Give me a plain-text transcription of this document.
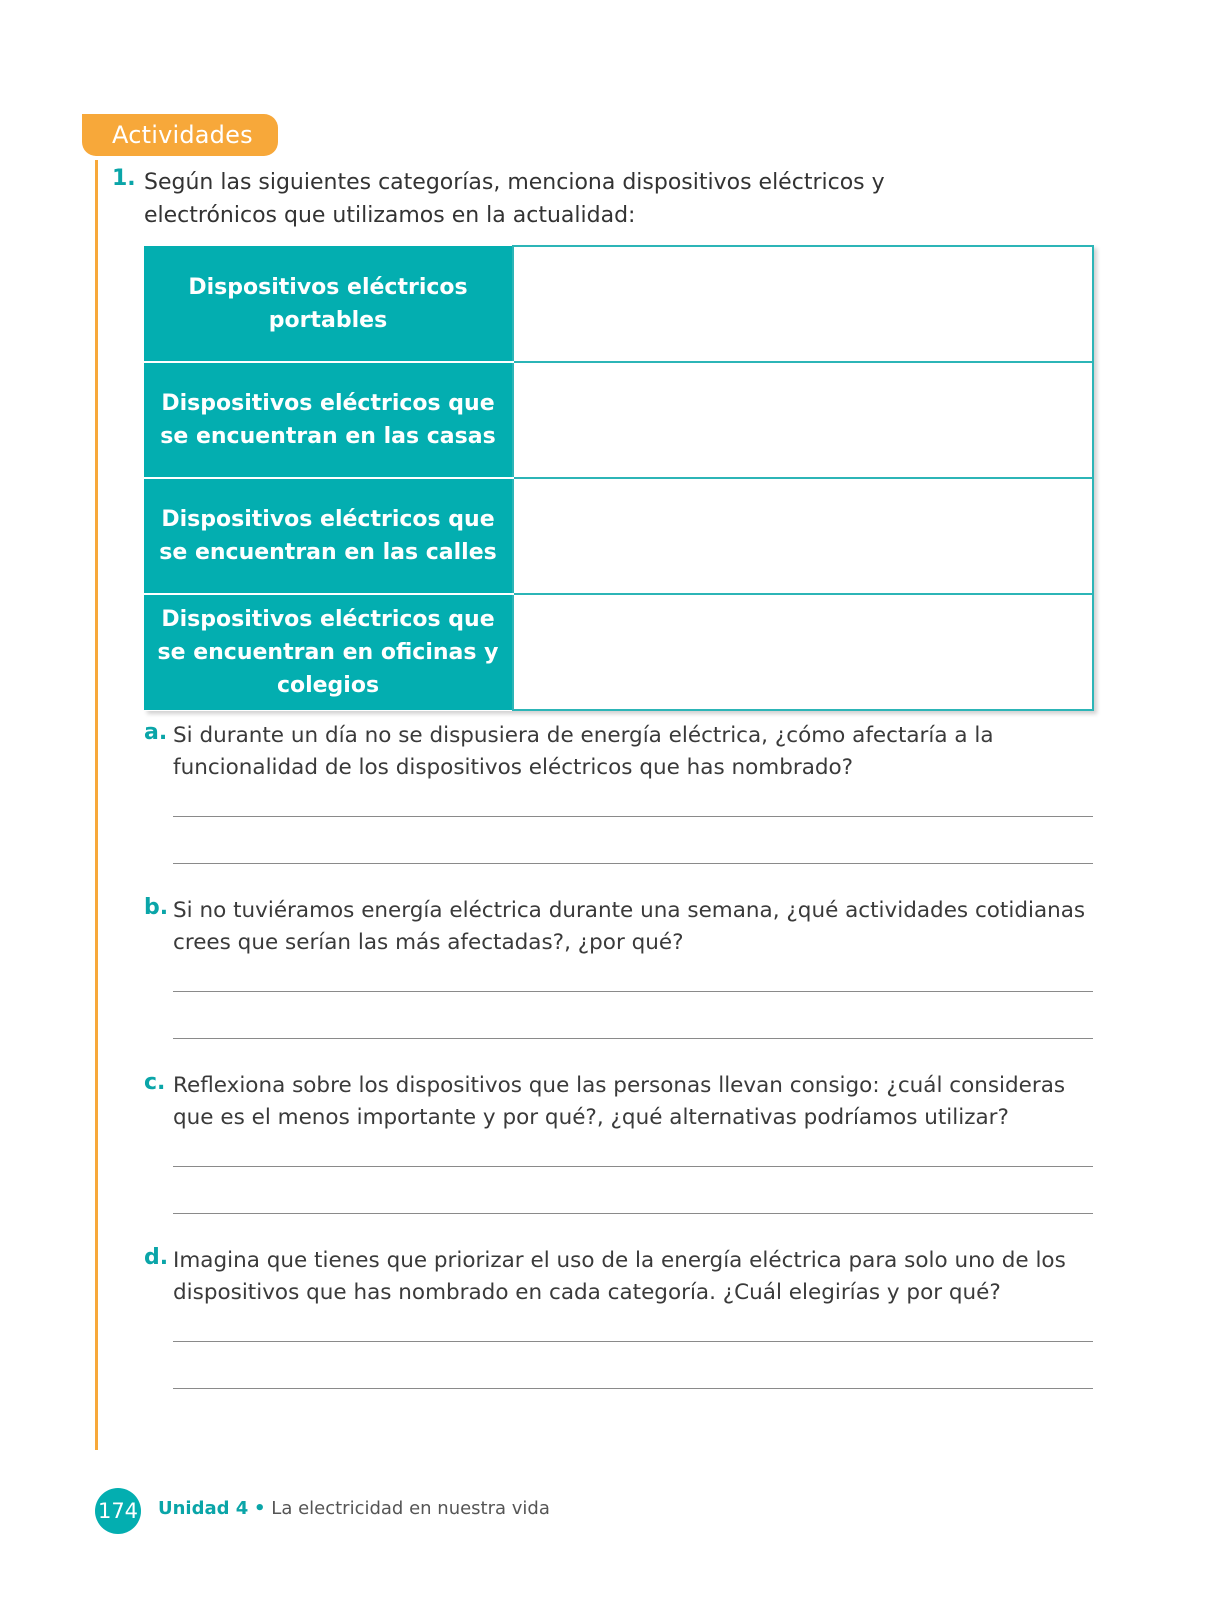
Actividades
1. Según las siguientes categorías, menciona dispositivos eléctricos y electrónicos que utilizamos en la actualidad:
Dispositivos eléctricos portables	
Dispositivos eléctricos que se encuentran en las casas	
Dispositivos eléctricos que se encuentran en las calles	
Dispositivos eléctricos que se encuentran en oficinas y colegios	
a. Si durante un día no se dispusiera de energía eléctrica, ¿cómo afectaría a la funcionalidad de los dispositivos eléctricos que has nombrado?
b. Si no tuviéramos energía eléctrica durante una semana, ¿qué actividades cotidianas crees que serían las más afectadas?, ¿por qué?
c. Reflexiona sobre los dispositivos que las personas llevan consigo: ¿cuál consideras que es el menos importante y por qué?, ¿qué alternativas podríamos utilizar?
d. Imagina que tienes que priorizar el uso de la energía eléctrica para solo uno de los dispositivos que has nombrado en cada categoría. ¿Cuál elegirías y por qué?
174 Unidad 4 • La electricidad en nuestra vida
